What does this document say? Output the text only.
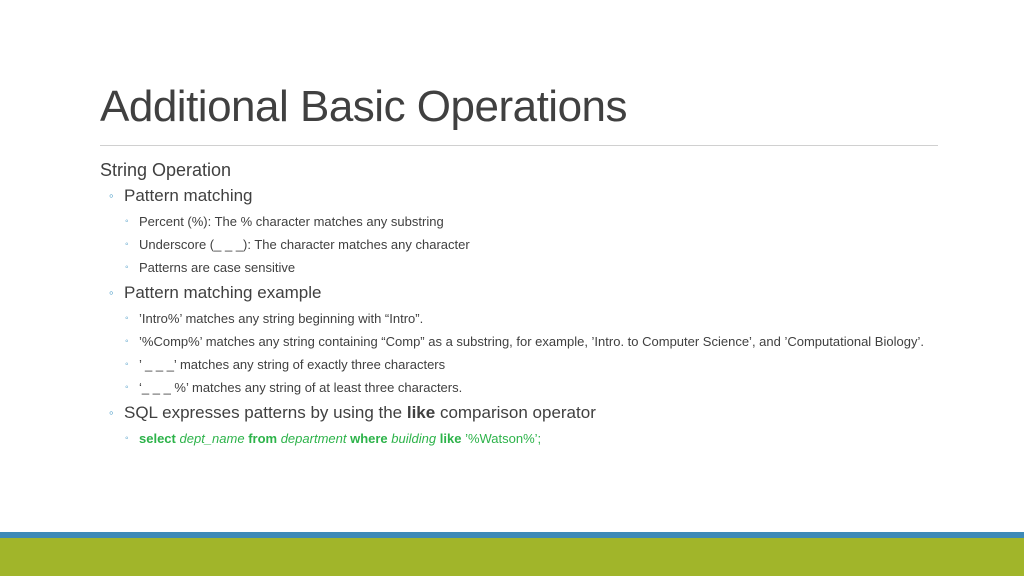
Additional Basic Operations
String Operation
◦ Pattern matching
◦ Percent (%): The % character matches any substring
◦ Underscore (_ _ _): The character matches any character
◦ Patterns are case sensitive
◦ Pattern matching example
◦ ’Intro%’ matches any string beginning with “Intro”.
◦ ’%Comp%’ matches any string containing “Comp” as a substring, for example, ’Intro. to Computer Science’, and ’Computational Biology’.
◦ ’ _ _ _’ matches any string of exactly three characters
◦ ‘_ _ _ %’ matches any string of at least three characters.
◦ SQL expresses patterns by using the like comparison operator
◦ select dept_name from department where building like ’%Watson%’;
